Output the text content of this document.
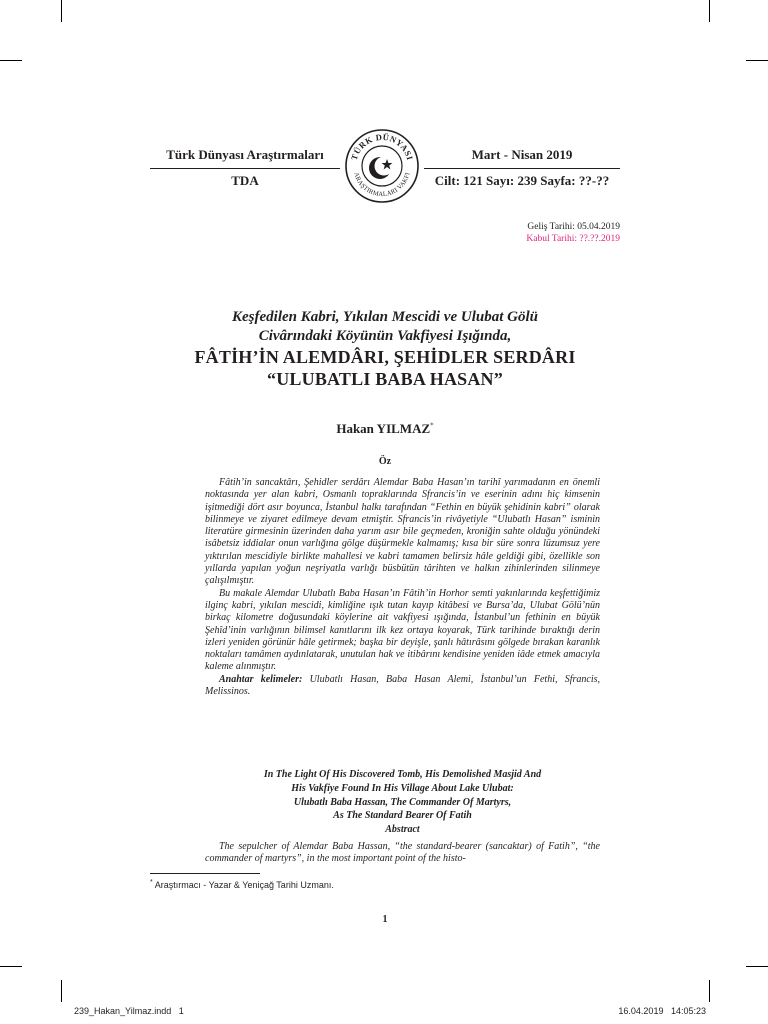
Türk Dünyası Araştırmaları
TDA
Mart - Nisan 2019
Cilt: 121 Sayı: 239 Sayfa: ??-??
TÜRK DÜNYASI
ARAŞTIRMALARI VAKFI
Geliş Tarihi: 05.04.2019
Kabul Tarihi: ??.??.2019
Keşfedilen Kabri, Yıkılan Mescidi ve Ulubat Gölü
Civârındaki Köyünün Vakfiyesi Işığında,
FÂTİH’İN ALEMDÂRI, ŞEHİDLER SERDÂRI
“ULUBATLI BABA HASAN”
Hakan YILMAZ*
Öz

Fâtih’in sancaktârı, Şehidler serdârı Alemdar Baba Hasan’ın tarihî yarımadanın en önemli noktasında yer alan kabri, Osmanlı topraklarında Sfrancis’in ve eserinin adını hiç kimsenin işitmediği dört asır boyunca, İstanbul halkı tarafından “Fethin en büyük şehidinin kabri” olarak bilinmeye ve ziyaret edilmeye devam etmiştir. Sfrancis’in rivâyetiyle “Ulubatlı Hasan” isminin literatüre girmesinin üzerinden daha yarım asır bile geçmeden, kroniğin sahte olduğu yönündeki isâbetsiz iddialar onun varlığına gölge düşürmekle kalmamış; kısa bir süre sonra lüzumsuz yere yıktırılan mescidiyle birlikte mahallesi ve kabri tamamen belirsiz hâle geldiği gibi, özellikle son yıllarda yapılan yoğun neşriyatla varlığı büsbütün târihten ve halkın zihinlerinden silinmeye çalışılmıştır.

Bu makale Alemdar Ulubatlı Baba Hasan’ın Fâtih’in Horhor semti yakınlarında keşfettiğimiz ilginç kabri, yıkılan mescidi, kimliğine ışık tutan kayıp kitâbesi ve Bursa’da, Ulubat Gölü’nün birkaç kilometre doğusundaki köylerine ait vakfiyesi ışığında, İstanbul’un fethinin en büyük Şehîd’inin varlığının bilimsel kanıtlarını ilk kez ortaya koyarak, Türk tarihinde bıraktığı derin izleri yeniden görünür hâle getirmek; başka bir deyişle, şanlı hâtırâsını gölgede bırakan karanlık noktaları tamâmen aydınlatarak, unutulan hak ve itibârını kendisine yeniden iâde etmek amacıyla kaleme alınmıştır.

Anahtar kelimeler: Ulubatlı Hasan, Baba Hasan Alemi, İstanbul’un Fethi, Sfrancis, Melissinos.

In The Light Of His Discovered Tomb, His Demolished Masjid And
His Vakfiye Found In His Village About Lake Ulubat:
Ulubatlı Baba Hassan, The Commander Of Martyrs,
As The Standard Bearer Of Fatih
Abstract

The sepulcher of Alemdar Baba Hassan, “the standard-bearer (sancaktar) of Fatih”, “the commander of martyrs”, in the most important point of the histo-

* Araştırmacı - Yazar & Yeniçağ Tarihi Uzmanı.
1
239_Hakan_Yilmaz.indd   1	16.04.2019   14:05:23
